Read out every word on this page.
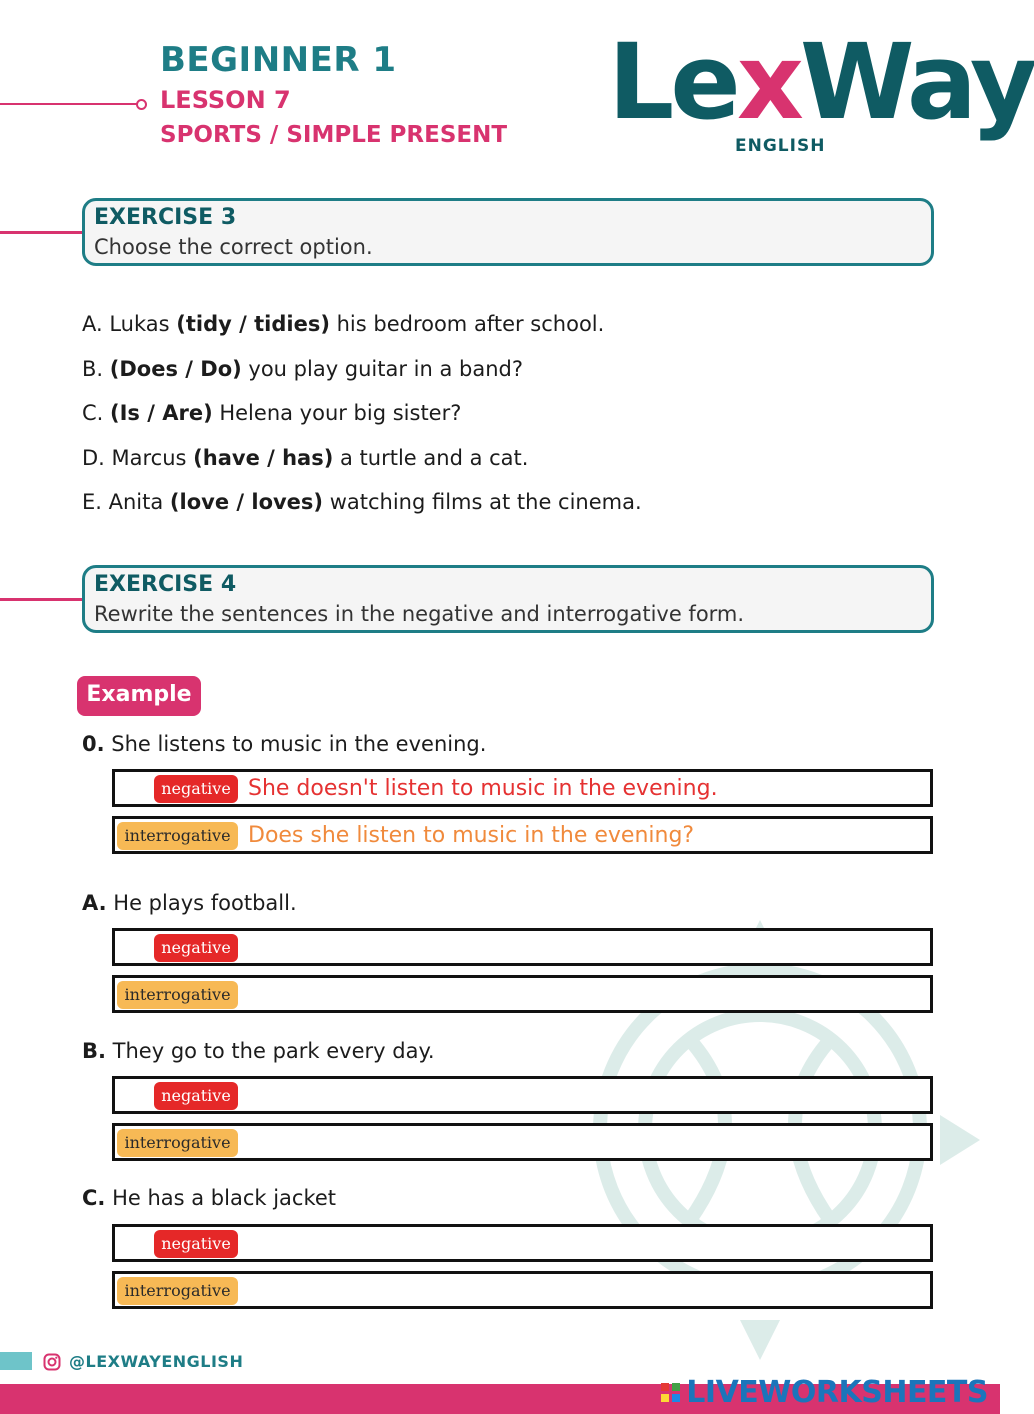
BEGINNER 1
LESSON 7
SPORTS / SIMPLE PRESENT LexWay
ENGLISH
EXERCISE 3
Choose the correct option.
A. Lukas (tidy / tidies) his bedroom after school.
B. (Does / Do) you play guitar in a band?
C. (Is / Are) Helena your big sister?
D. Marcus (have / has) a turtle and a cat.
E. Anita (love / loves) watching films at the cinema.
EXERCISE 4
Rewrite the sentences in the negative and interrogative form.
Example
0. She listens to music in the evening.
negative She doesn't listen to music in the evening.
interrogative Does she listen to music in the evening?
A. He plays football.
negative
interrogative
B. They go to the park every day.
negative
interrogative
C. He has a black jacket
negative
interrogative
@LEXWAYENGLISH
LIVEWORKSHEETS
